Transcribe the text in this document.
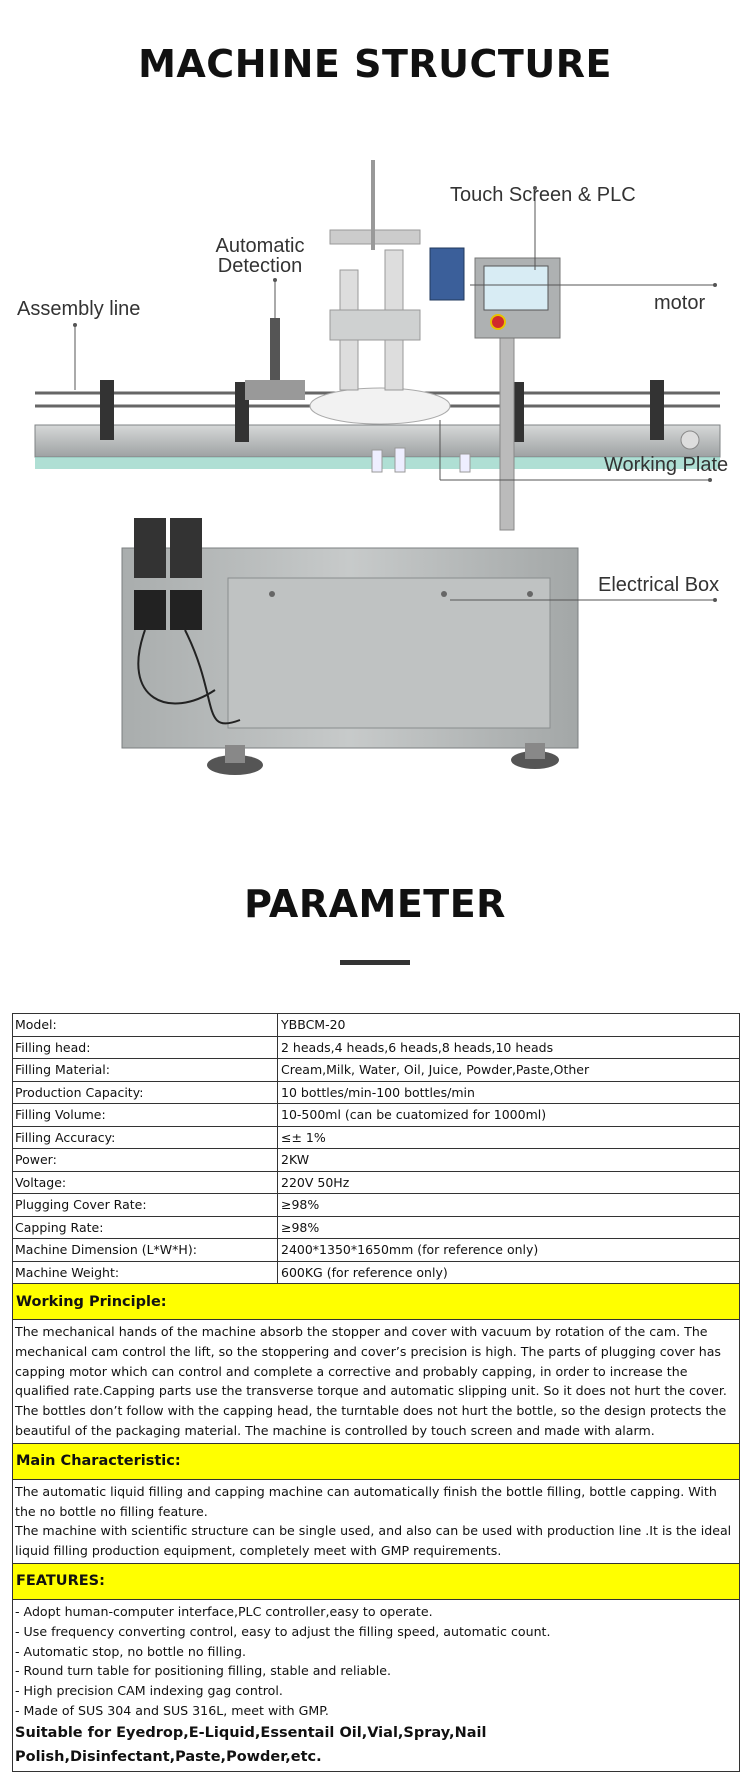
MACHINE STRUCTURE
Touch Screen & PLC
Automatic
Detection
Assembly line	motor
Working Plate
Electrical Box
PARAMETER
Model:	YBBCM-20
Filling head:	2 heads,4 heads,6 heads,8 heads,10 heads
Filling Material:	Cream,Milk, Water, Oil, Juice, Powder,Paste,Other
Production Capacity:	10 bottles/min-100 bottles/min
Filling Volume:	10-500ml (can be cuatomized for 1000ml)
Filling Accuracy:	≤± 1%
Power:	2KW
Voltage:	220V 50Hz
Plugging Cover Rate:	≥98%
Capping Rate:	≥98%
Machine Dimension (L*W*H):	2400*1350*1650mm (for reference only)
Machine Weight:	600KG (for reference only)
Working Principle:

The mechanical hands of the machine absorb the stopper and cover with vacuum by rotation of the cam. The mechanical cam control the lift, so the stoppering and cover’s precision is high. The parts of plugging cover has capping motor which can control and complete a corrective and probably capping, in order to increase the qualified rate.Capping parts use the transverse torque and automatic slipping unit. So it does not hurt the cover. The bottles don’t follow with the capping head, the turntable does not hurt the bottle, so the design protects the beautiful of the packaging material. The machine is controlled by touch screen and made with alarm.

Main Characteristic:

The automatic liquid filling and capping machine can automatically finish the bottle filling, bottle capping. With the no bottle no filling feature.

The machine with scientific structure can be single used, and also can be used with production line .It is the ideal liquid filling production equipment, completely meet with GMP requirements.

FEATURES:
- Adopt human-computer interface,PLC controller,easy to operate.
- Use frequency converting control, easy to adjust the filling speed, automatic count.
- Automatic stop, no bottle no filling.
- Round turn table for positioning filling, stable and reliable.
- High precision CAM indexing gag control.
- Made of SUS 304 and SUS 316L, meet with GMP.
Suitable for Eyedrop,E-Liquid,Essentail Oil,Vial,Spray,Nail Polish,Disinfectant,Paste,Powder,etc.
